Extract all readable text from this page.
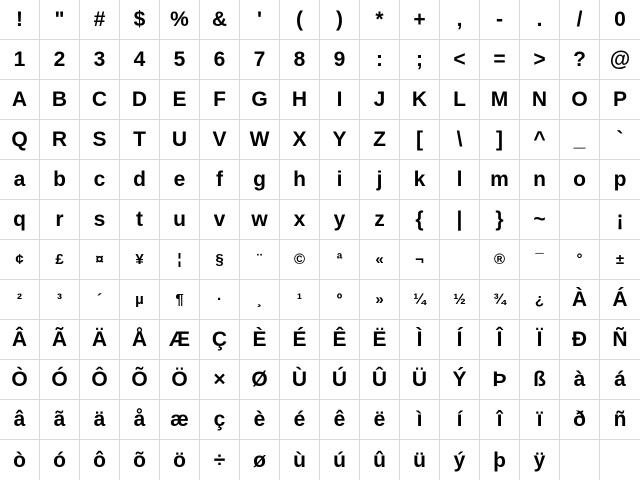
! " # $ % & ' ( ) * + , - . / 0
1 2 3 4 5 6 7 8 9 : ; < = > ? @
A B C D E F G H I J K L M N O P
Q R S T U V W X Y Z [ \ ] ^ _ `
a b c d e f g h i j k l m n o p
q r s t u v w x y z { | } ~
	¡
¢ £ ¤ ¥ ¦ § ¨ © ª « ¬	® ¯ ° ±
² ³ ´ µ ¶ · ¸ ¹ º » ¼ ½ ¾ ¿ À Á
Â Ã Ä Å Æ Ç È É Ê Ë Ì Í Î Ï Ð Ñ
Ò Ó Ô Õ Ö × Ø Ù Ú Û Ü Ý Þ ß à á
â ã ä å æ ç è é ê ë ì í î ï ð ñ
ò ó ô õ ö ÷ ø ù ú û ü ý þ ÿ
